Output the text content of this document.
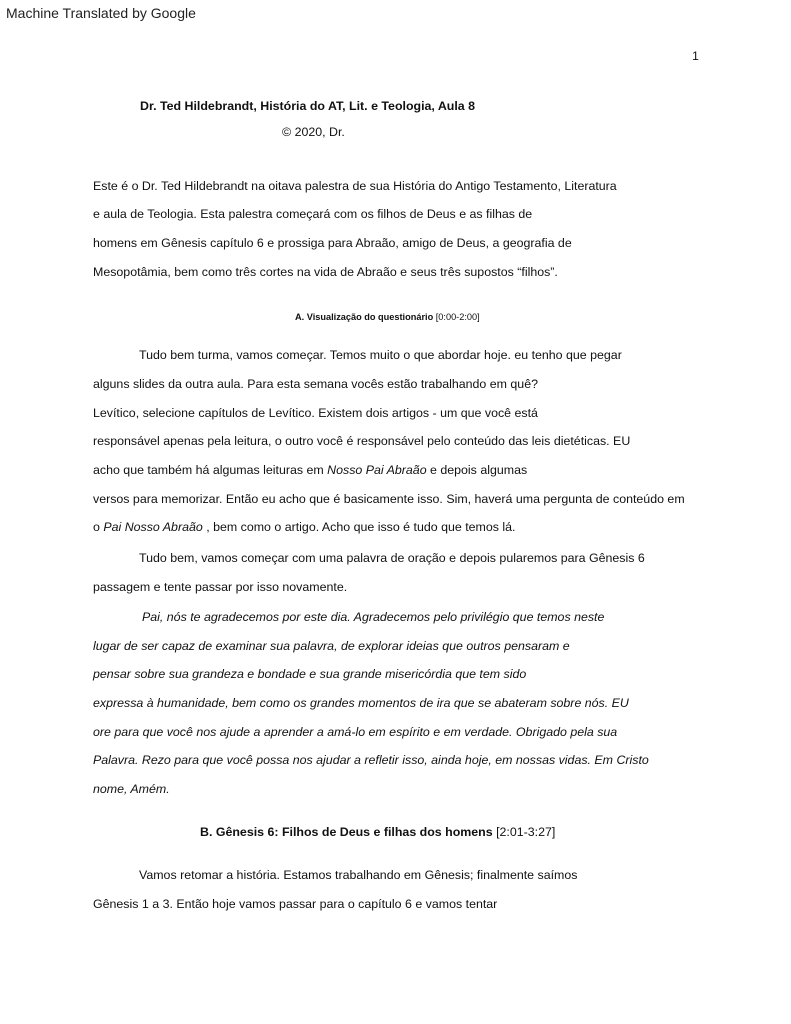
Machine Translated by Google
1
Dr. Ted Hildebrandt, História do AT, Lit. e Teologia, Aula 8
© 2020, Dr.
Este é o Dr. Ted Hildebrandt na oitava palestra de sua História do Antigo Testamento, Literatura
e aula de Teologia. Esta palestra começará com os filhos de Deus e as filhas de
homens em Gênesis capítulo 6 e prossiga para Abraão, amigo de Deus, a geografia de
Mesopotâmia, bem como três cortes na vida de Abraão e seus três supostos “filhos”.
A. Visualização do questionário [0:00-2:00]
Tudo bem turma, vamos começar. Temos muito o que abordar hoje. eu tenho que pegar
alguns slides da outra aula. Para esta semana vocês estão trabalhando em quê?
Levítico, selecione capítulos de Levítico. Existem dois artigos - um que você está
responsável apenas pela leitura, o outro você é responsável pelo conteúdo das leis dietéticas. EU
acho que também há algumas leituras em Nosso Pai Abraão e depois algumas
versos para memorizar. Então eu acho que é basicamente isso. Sim, haverá uma pergunta de conteúdo em
o Pai Nosso Abraão , bem como o artigo. Acho que isso é tudo que temos lá.
Tudo bem, vamos começar com uma palavra de oração e depois pularemos para Gênesis 6
passagem e tente passar por isso novamente.
Pai, nós te agradecemos por este dia. Agradecemos pelo privilégio que temos neste
lugar de ser capaz de examinar sua palavra, de explorar ideias que outros pensaram e
pensar sobre sua grandeza e bondade e sua grande misericórdia que tem sido
expressa à humanidade, bem como os grandes momentos de ira que se abateram sobre nós. EU
ore para que você nos ajude a aprender a amá-lo em espírito e em verdade. Obrigado pela sua
Palavra. Rezo para que você possa nos ajudar a refletir isso, ainda hoje, em nossas vidas. Em Cristo
nome, Amém.
B. Gênesis 6: Filhos de Deus e filhas dos homens [2:01-3:27]
Vamos retomar a história. Estamos trabalhando em Gênesis; finalmente saímos
Gênesis 1 a 3. Então hoje vamos passar para o capítulo 6 e vamos tentar
